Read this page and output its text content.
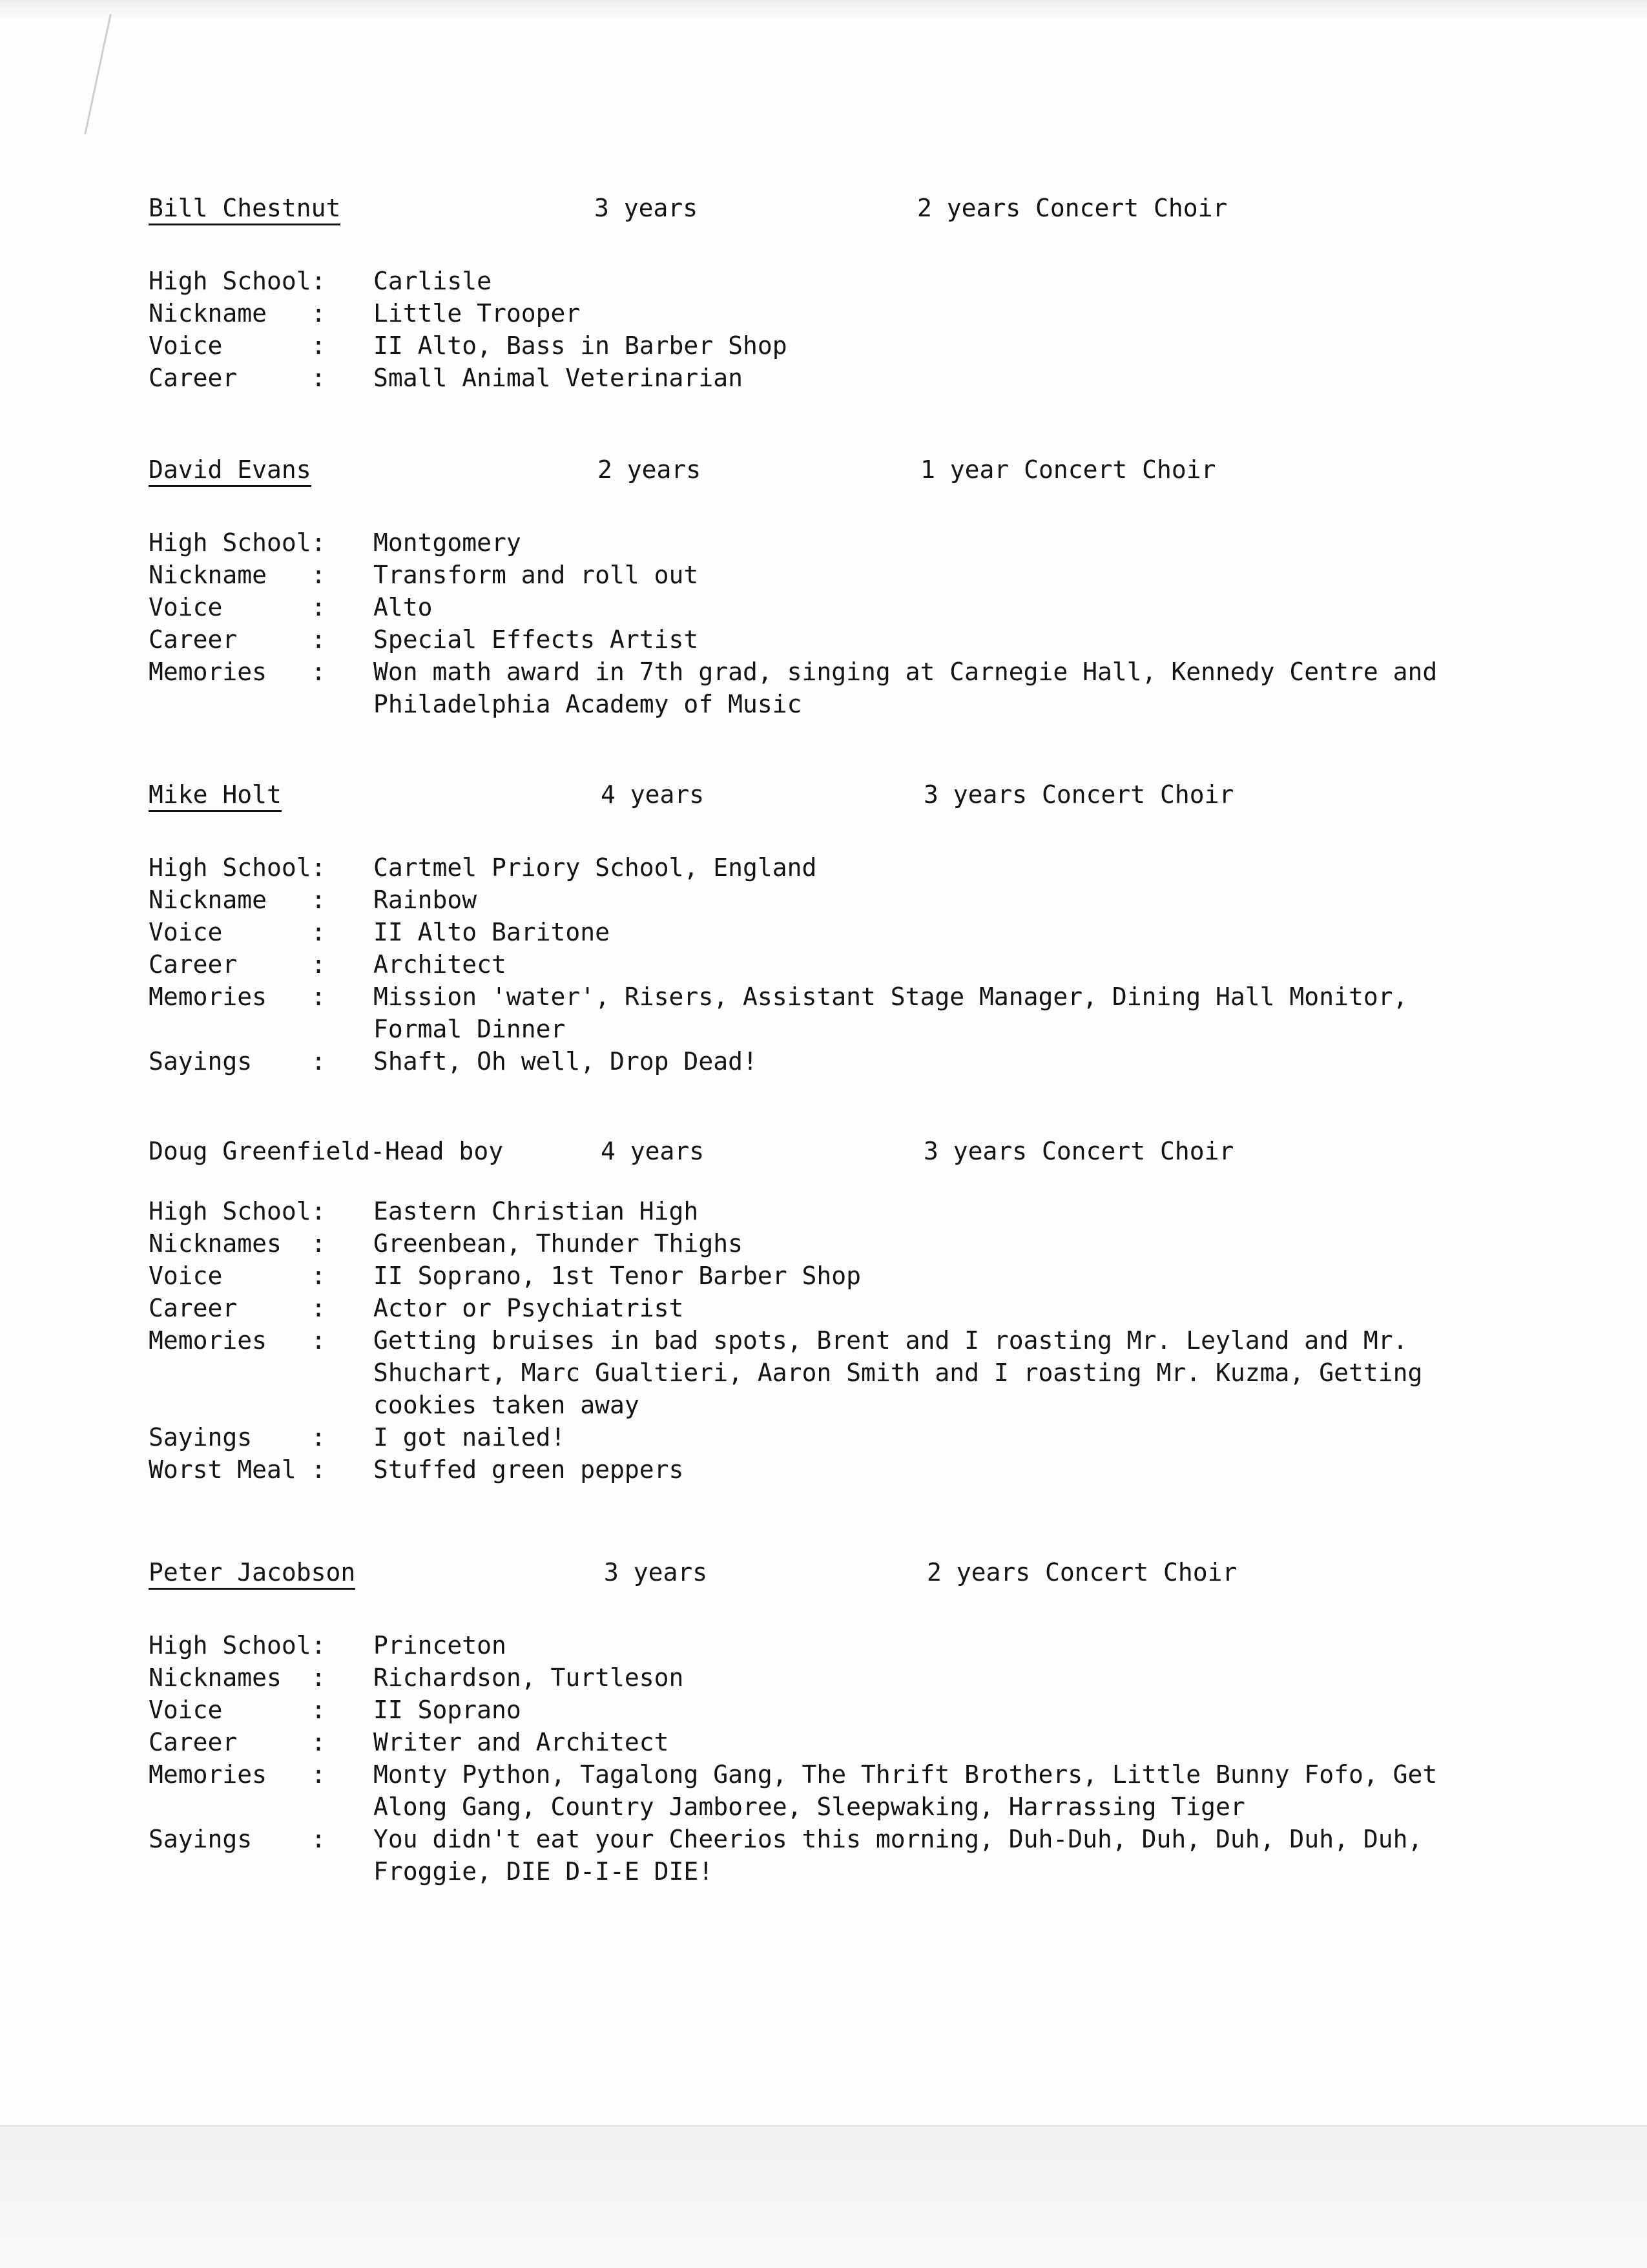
Bill Chestnut	3 years	2 years Concert Choir
High School:	Carlisle
Nickname   :	Little Trooper
Voice      :	II Alto, Bass in Barber Shop
Career     :	Small Animal Veterinarian
David Evans	2 years	1 year Concert Choir
High School:	Montgomery
Nickname   :	Transform and roll out
Voice      :	Alto
Career     :	Special Effects Artist
Memories   :	Won math award in 7th grad, singing at Carnegie Hall, Kennedy Centre and Philadelphia Academy of Music
Mike Holt	4 years	3 years Concert Choir
High School:	Cartmel Priory School, England
Nickname   :	Rainbow
Voice      :	II Alto Baritone
Career     :	Architect
Memories   :	Mission 'water', Risers, Assistant Stage Manager, Dining Hall Monitor, Formal Dinner
Sayings    :	Shaft, Oh well, Drop Dead!
Doug Greenfield-Head boy	4 years	3 years Concert Choir
High School:	Eastern Christian High
Nicknames  :	Greenbean, Thunder Thighs
Voice      :	II Soprano, 1st Tenor Barber Shop
Career     :	Actor or Psychiatrist
Memories   :	Getting bruises in bad spots, Brent and I roasting Mr. Leyland and Mr. Shuchart, Marc Gualtieri, Aaron Smith and I roasting Mr. Kuzma, Getting cookies taken away
Sayings    :	I got nailed!
Worst Meal :	Stuffed green peppers
Peter Jacobson	3 years	2 years Concert Choir
High School:	Princeton
Nicknames  :	Richardson, Turtleson
Voice      :	II Soprano
Career     :	Writer and Architect
Memories   :	Monty Python, Tagalong Gang, The Thrift Brothers, Little Bunny Fofo, Get Along Gang, Country Jamboree, Sleepwaking, Harrassing Tiger
Sayings    :	You didn't eat your Cheerios this morning, Duh-Duh, Duh, Duh, Duh, Duh, Froggie, DIE D-I-E DIE!
